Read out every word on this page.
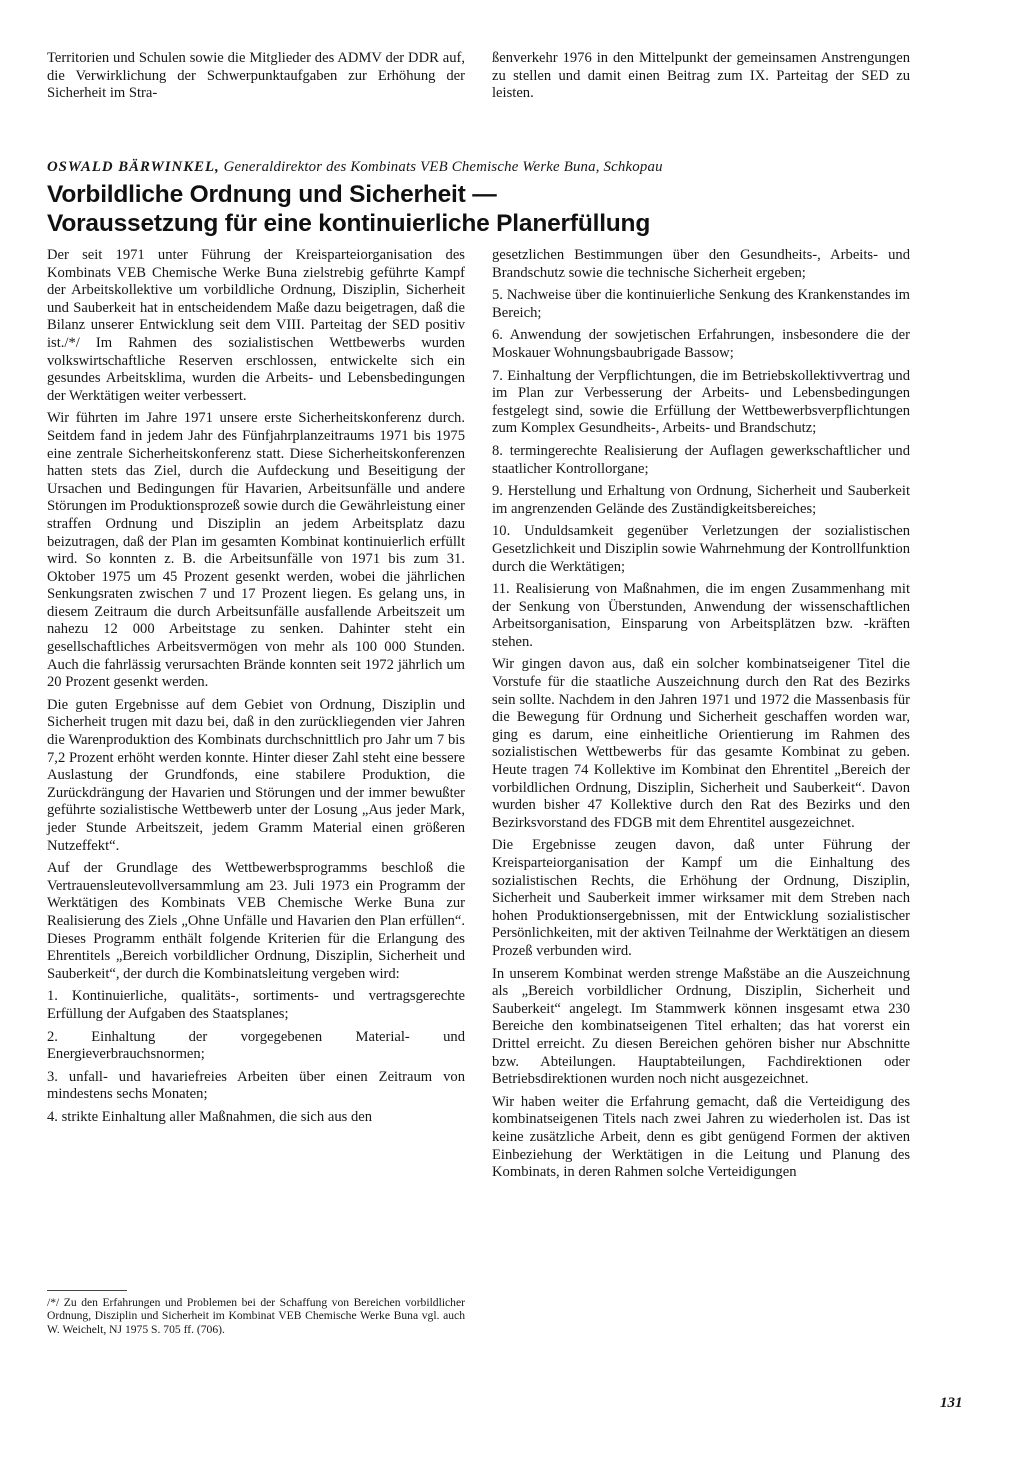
Territorien und Schulen sowie die Mitglieder des ADMV der DDR auf, die Verwirklichung der Schwerpunktaufgaben zur Erhöhung der Sicherheit im Stra-

ßenverkehr 1976 in den Mittelpunkt der gemeinsamen Anstrengungen zu stellen und damit einen Beitrag zum IX. Parteitag der SED zu leisten.

OSWALD BÄRWINKEL, Generaldirektor des Kombinats VEB Chemische Werke Buna, Schkopau
Vorbildliche Ordnung und Sicherheit —
Voraussetzung für eine kontinuierliche Planerfüllung

Der seit 1971 unter Führung der Kreisparteiorganisation des Kombinats VEB Chemische Werke Buna zielstrebig geführte Kampf der Arbeitskollektive um vorbildliche Ordnung, Disziplin, Sicherheit und Sauberkeit hat in entscheidendem Maße dazu beigetragen, daß die Bilanz unserer Entwicklung seit dem VIII. Parteitag der SED positiv ist./*/ Im Rahmen des sozialistischen Wettbewerbs wurden volkswirtschaftliche Reserven erschlossen, entwickelte sich ein gesundes Arbeitsklima, wurden die Arbeits- und Lebensbedingungen der Werktätigen weiter verbessert.

Wir führten im Jahre 1971 unsere erste Sicherheitskonferenz durch. Seitdem fand in jedem Jahr des Fünfjahrplanzeitraums 1971 bis 1975 eine zentrale Sicherheitskonferenz statt. Diese Sicherheitskonferenzen hatten stets das Ziel, durch die Aufdeckung und Beseitigung der Ursachen und Bedingungen für Havarien, Arbeitsunfälle und andere Störungen im Produktionsprozeß sowie durch die Gewährleistung einer straffen Ordnung und Disziplin an jedem Arbeitsplatz dazu beizutragen, daß der Plan im gesamten Kombinat kontinuierlich erfüllt wird. So konnten z. B. die Arbeitsunfälle von 1971 bis zum 31. Oktober 1975 um 45 Prozent gesenkt werden, wobei die jährlichen Senkungsraten zwischen 7 und 17 Prozent liegen. Es gelang uns, in diesem Zeitraum die durch Arbeitsunfälle ausfallende Arbeitszeit um nahezu 12 000 Arbeitstage zu senken. Dahinter steht ein gesellschaftliches Arbeitsvermögen von mehr als 100 000 Stunden. Auch die fahrlässig verursachten Brände konnten seit 1972 jährlich um 20 Prozent gesenkt werden.

Die guten Ergebnisse auf dem Gebiet von Ordnung, Disziplin und Sicherheit trugen mit dazu bei, daß in den zurückliegenden vier Jahren die Warenproduktion des Kombinats durchschnittlich pro Jahr um 7 bis 7,2 Prozent erhöht werden konnte. Hinter dieser Zahl steht eine bessere Auslastung der Grundfonds, eine stabilere Produktion, die Zurückdrängung der Havarien und Störungen und der immer bewußter geführte sozialistische Wettbewerb unter der Losung „Aus jeder Mark, jeder Stunde Arbeitszeit, jedem Gramm Material einen größeren Nutzeffekt“.

Auf der Grundlage des Wettbewerbsprogramms beschloß die Vertrauensleutevollversammlung am 23. Juli 1973 ein Programm der Werktätigen des Kombinats VEB Chemische Werke Buna zur Realisierung des Ziels „Ohne Unfälle und Havarien den Plan erfüllen“. Dieses Programm enthält folgende Kriterien für die Erlangung des Ehrentitels „Bereich vorbildlicher Ordnung, Disziplin, Sicherheit und Sauberkeit“, der durch die Kombinatsleitung vergeben wird:

1. Kontinuierliche, qualitäts-, sortiments- und vertragsgerechte Erfüllung der Aufgaben des Staatsplanes;

2. Einhaltung der vorgegebenen Material- und Energieverbrauchsnormen;

3. unfall- und havariefreies Arbeiten über einen Zeitraum von mindestens sechs Monaten;

4. strikte Einhaltung aller Maßnahmen, die sich aus den

gesetzlichen Bestimmungen über den Gesundheits-, Arbeits- und Brandschutz sowie die technische Sicherheit ergeben;

5. Nachweise über die kontinuierliche Senkung des Krankenstandes im Bereich;

6. Anwendung der sowjetischen Erfahrungen, insbesondere die der Moskauer Wohnungsbaubrigade Bassow;

7. Einhaltung der Verpflichtungen, die im Betriebskollektivvertrag und im Plan zur Verbesserung der Arbeits- und Lebensbedingungen festgelegt sind, sowie die Erfüllung der Wettbewerbsverpflichtungen zum Komplex Gesundheits-, Arbeits- und Brandschutz;

8. termingerechte Realisierung der Auflagen gewerkschaftlicher und staatlicher Kontrollorgane;

9. Herstellung und Erhaltung von Ordnung, Sicherheit und Sauberkeit im angrenzenden Gelände des Zuständigkeitsbereiches;

10. Unduldsamkeit gegenüber Verletzungen der sozialistischen Gesetzlichkeit und Disziplin sowie Wahrnehmung der Kontrollfunktion durch die Werktätigen;

11. Realisierung von Maßnahmen, die im engen Zusammenhang mit der Senkung von Überstunden, Anwendung der wissenschaftlichen Arbeitsorganisation, Einsparung von Arbeitsplätzen bzw. -kräften stehen.

Wir gingen davon aus, daß ein solcher kombinatseigener Titel die Vorstufe für die staatliche Auszeichnung durch den Rat des Bezirks sein sollte. Nachdem in den Jahren 1971 und 1972 die Massenbasis für die Bewegung für Ordnung und Sicherheit geschaffen worden war, ging es darum, eine einheitliche Orientierung im Rahmen des sozialistischen Wettbewerbs für das gesamte Kombinat zu geben. Heute tragen 74 Kollektive im Kombinat den Ehrentitel „Bereich der vorbildlichen Ordnung, Disziplin, Sicherheit und Sauberkeit“. Davon wurden bisher 47 Kollektive durch den Rat des Bezirks und den Bezirksvorstand des FDGB mit dem Ehrentitel ausgezeichnet.

Die Ergebnisse zeugen davon, daß unter Führung der Kreisparteiorganisation der Kampf um die Einhaltung des sozialistischen Rechts, die Erhöhung der Ordnung, Disziplin, Sicherheit und Sauberkeit immer wirksamer mit dem Streben nach hohen Produktionsergebnissen, mit der Entwicklung sozialistischer Persönlichkeiten, mit der aktiven Teilnahme der Werktätigen an diesem Prozeß verbunden wird.

In unserem Kombinat werden strenge Maßstäbe an die Auszeichnung als „Bereich vorbildlicher Ordnung, Disziplin, Sicherheit und Sauberkeit“ angelegt. Im Stammwerk können insgesamt etwa 230 Bereiche den kombinatseigenen Titel erhalten; das hat vorerst ein Drittel erreicht. Zu diesen Bereichen gehören bisher nur Abschnitte bzw. Abteilungen. Hauptabteilungen, Fachdirektionen oder Betriebsdirektionen wurden noch nicht ausgezeichnet.

Wir haben weiter die Erfahrung gemacht, daß die Verteidigung des kombinatseigenen Titels nach zwei Jahren zu wiederholen ist. Das ist keine zusätzliche Arbeit, denn es gibt genügend Formen der aktiven Einbeziehung der Werktätigen in die Leitung und Planung des Kombinats, in deren Rahmen solche Verteidigungen

/*/ Zu den Erfahrungen und Problemen bei der Schaffung von Bereichen vorbildlicher Ordnung, Disziplin und Sicherheit im Kombinat VEB Chemische Werke Buna vgl. auch W. Weichelt, NJ 1975 S. 705 ff. (706).
131
